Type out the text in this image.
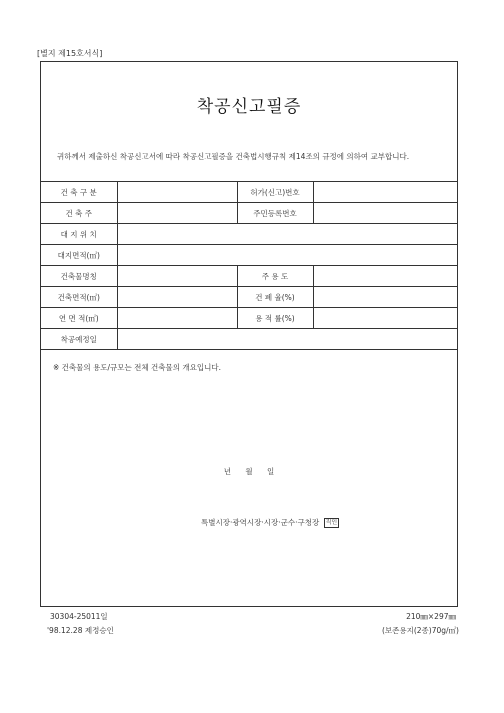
[별지 제15호서식]
착공신고필증
귀하께서 제출하신 착공신고서에 따라 착공신고필증을 건축법시행규칙 제14조의 규정에 의하여 교부합니다.
건 축 구 분		허가(신고)번호	
건 축 주		주민등록번호	
대 지 위 치			
대지면적(㎡)			
건축물명칭		주 용 도	
건축면적(㎡)		건 폐 율(%)	
연 면 적(㎡)		용 적 률(%)	
착공예정일			
※ 건축물의 용도/규모는 전체 건축물의 개요입니다.
년 월 일
특별시장·광역시장·시장·군수·구청장 직인
30304-25011일
'98.12.28 제정승인
210㎜×297㎜
(보존용지(2종)70g/㎡)
